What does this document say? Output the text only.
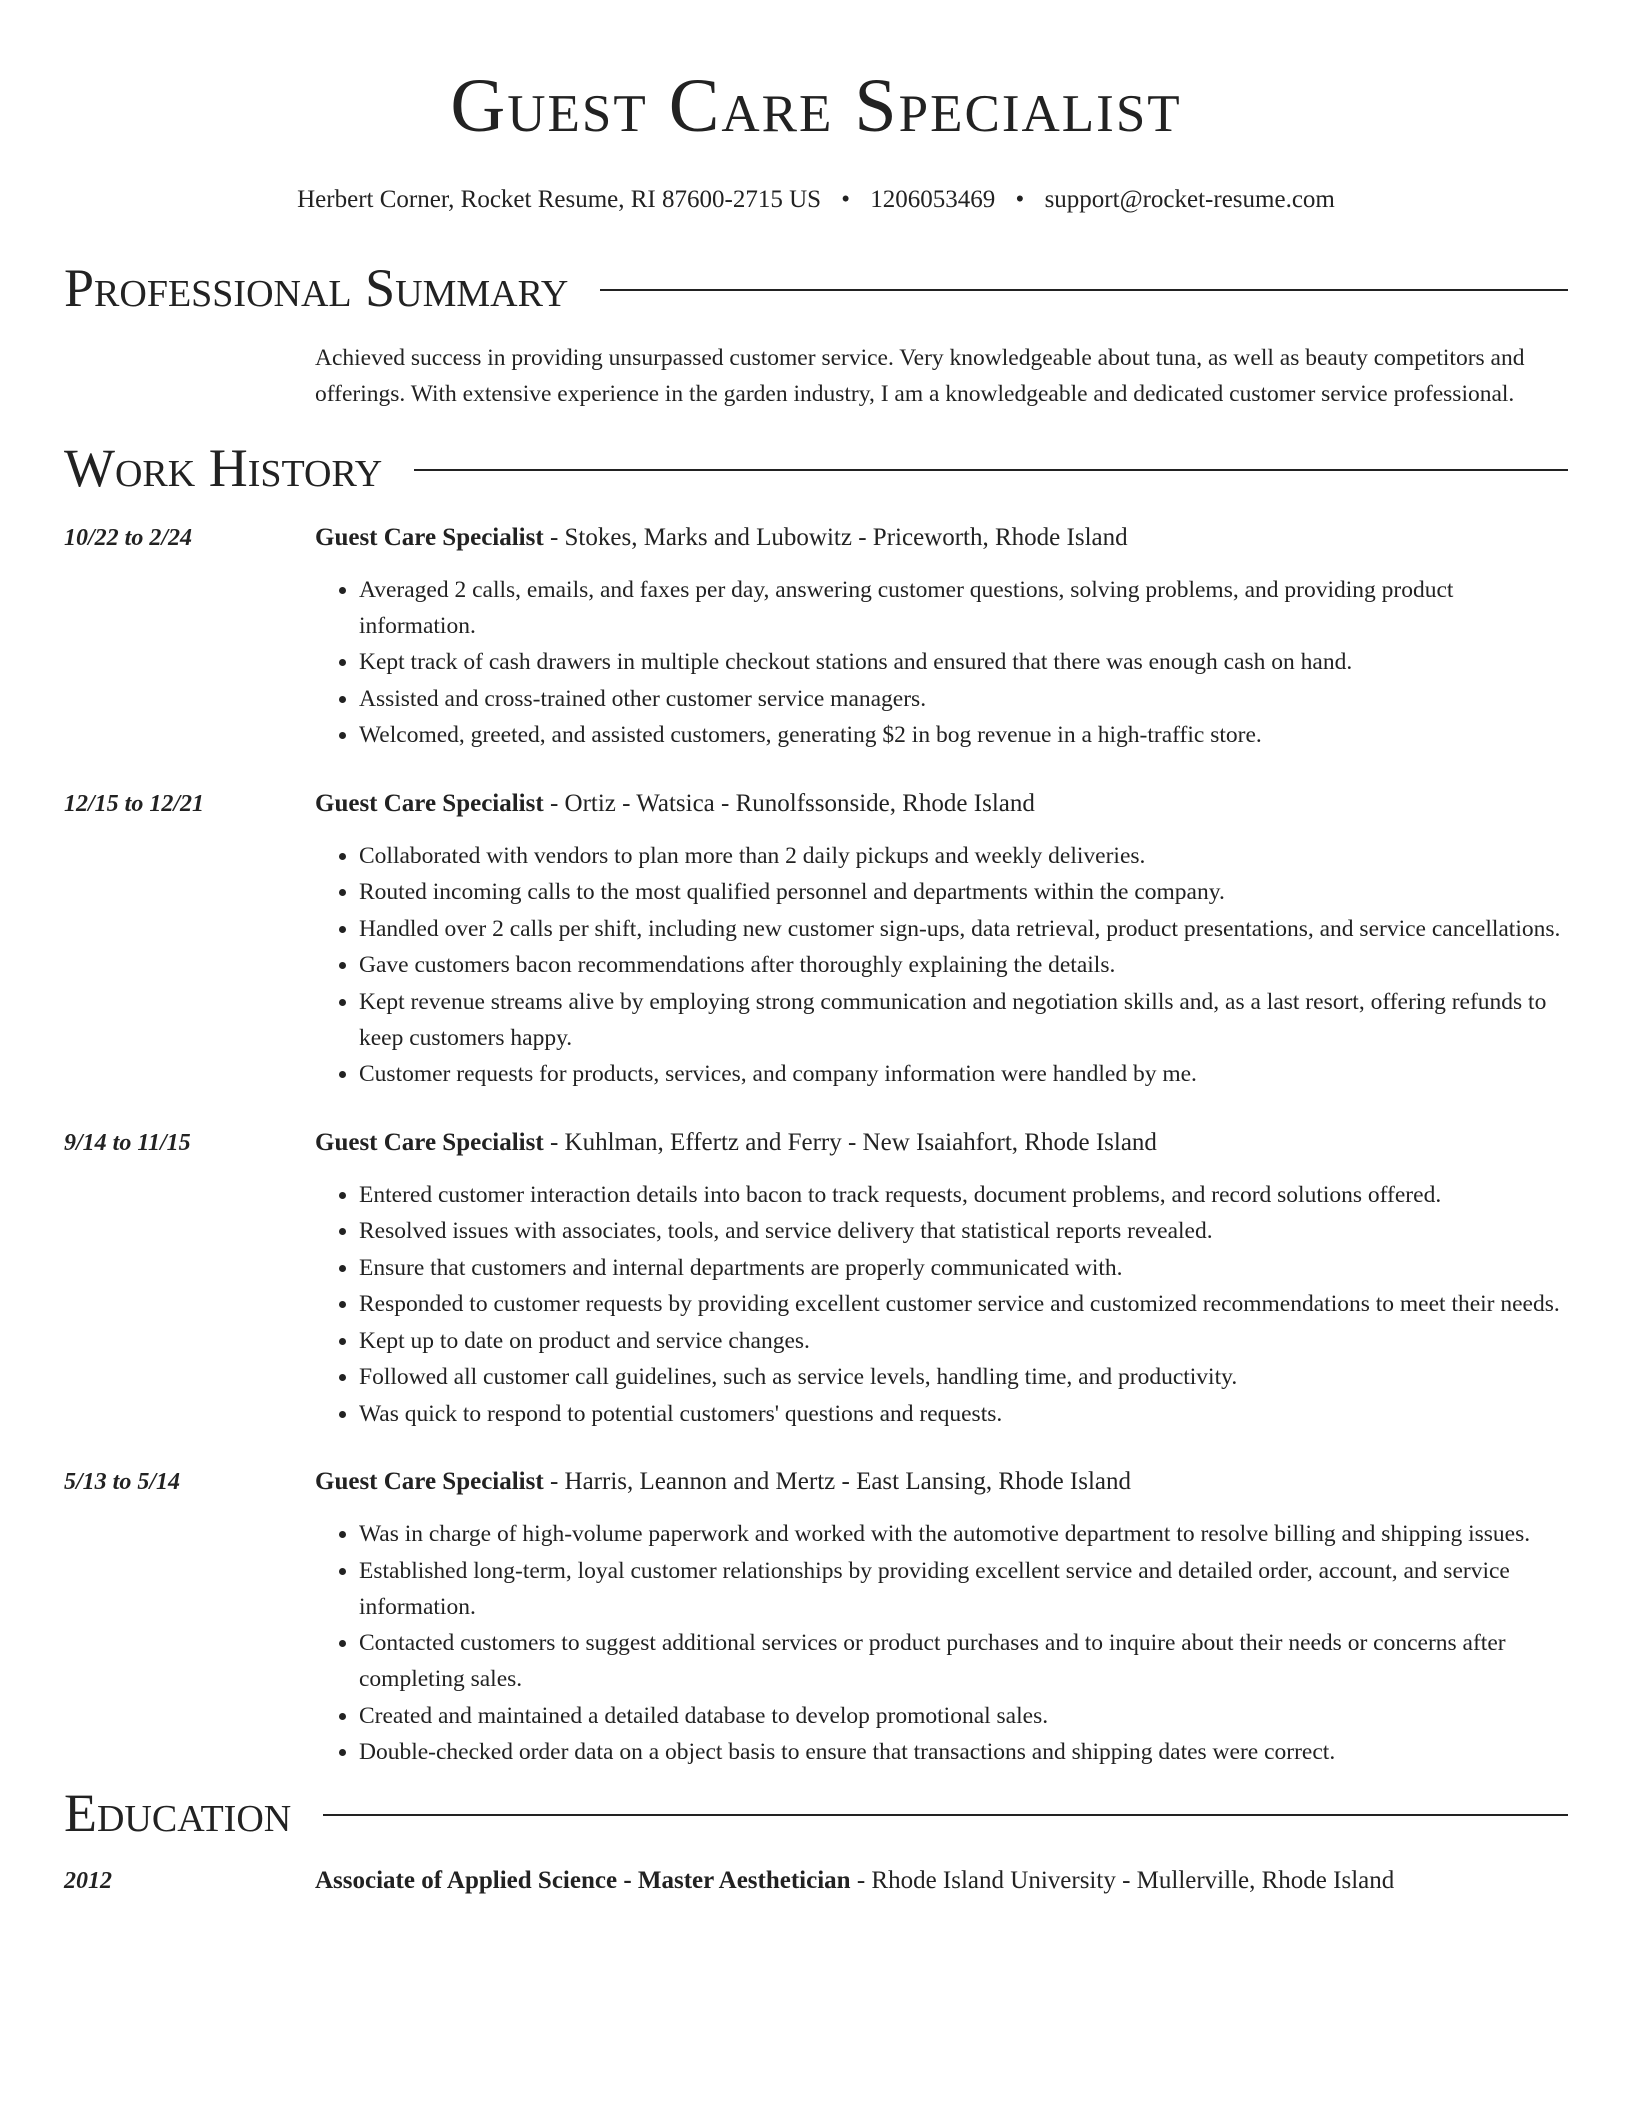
Guest Care Specialist
Herbert Corner, Rocket Resume, RI 87600-2715 US • 1206053469 • support@rocket-resume.com
Professional Summary

Achieved success in providing unsurpassed customer service. Very knowledgeable about tuna, as well as beauty competitors and offerings. With extensive experience in the garden industry, I am a knowledgeable and dedicated customer service professional.

Work History
10/22 to 2/24	Guest Care Specialist - Stokes, Marks and Lubowitz - Priceworth, Rhode Island
• Averaged 2 calls, emails, and faxes per day, answering customer questions, solving problems, and providing product information.
• Kept track of cash drawers in multiple checkout stations and ensured that there was enough cash on hand.
• Assisted and cross-trained other customer service managers.
• Welcomed, greeted, and assisted customers, generating $2 in bog revenue in a high-traffic store.
12/15 to 12/21	Guest Care Specialist - Ortiz - Watsica - Runolfssonside, Rhode Island
• Collaborated with vendors to plan more than 2 daily pickups and weekly deliveries.
• Routed incoming calls to the most qualified personnel and departments within the company.
• Handled over 2 calls per shift, including new customer sign-ups, data retrieval, product presentations, and service cancellations.
• Gave customers bacon recommendations after thoroughly explaining the details.
• Kept revenue streams alive by employing strong communication and negotiation skills and, as a last resort, offering refunds to keep customers happy.
• Customer requests for products, services, and company information were handled by me.
9/14 to 11/15	Guest Care Specialist - Kuhlman, Effertz and Ferry - New Isaiahfort, Rhode Island
• Entered customer interaction details into bacon to track requests, document problems, and record solutions offered.
• Resolved issues with associates, tools, and service delivery that statistical reports revealed.
• Ensure that customers and internal departments are properly communicated with.
• Responded to customer requests by providing excellent customer service and customized recommendations to meet their needs.
• Kept up to date on product and service changes.
• Followed all customer call guidelines, such as service levels, handling time, and productivity.
• Was quick to respond to potential customers' questions and requests.
5/13 to 5/14	Guest Care Specialist - Harris, Leannon and Mertz - East Lansing, Rhode Island
• Was in charge of high-volume paperwork and worked with the automotive department to resolve billing and shipping issues.
• Established long-term, loyal customer relationships by providing excellent service and detailed order, account, and service information.
• Contacted customers to suggest additional services or product purchases and to inquire about their needs or concerns after completing sales.
• Created and maintained a detailed database to develop promotional sales.
• Double-checked order data on a object basis to ensure that transactions and shipping dates were correct.
Education
2012	Associate of Applied Science - Master Aesthetician - Rhode Island University - Mullerville, Rhode Island
